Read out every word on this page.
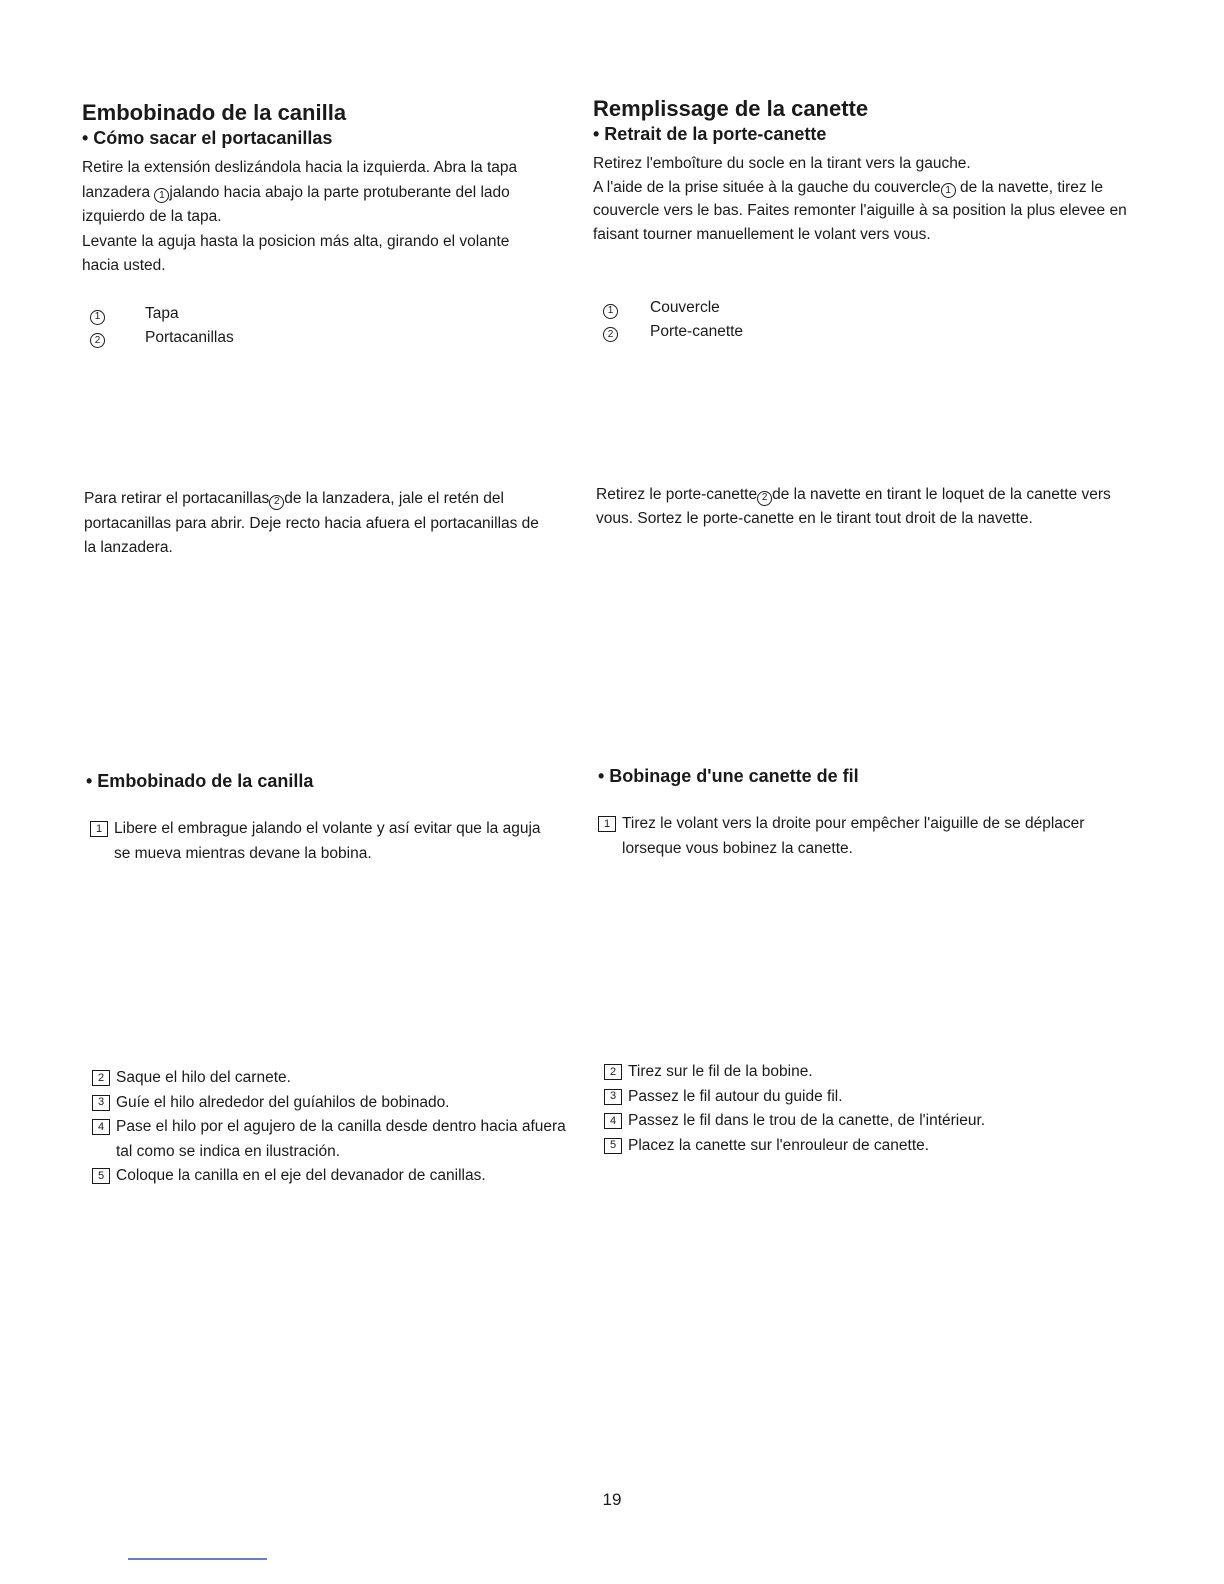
Embobinado de la canilla
• Cómo sacar el portacanillas

Retire la extensión deslizándola hacia la izquierda. Abra la tapa lanzadera 1 jalando hacia abajo la parte protuberante del lado izquierdo de la tapa.

Levante la aguja hasta la posicion más alta, girando el volante hacia usted.

1	Tapa
2	Portacanillas

Para retirar el portacanillas 2 de la lanzadera, jale el retén del portacanillas para abrir. Deje recto hacia afuera el portacanillas de la lanzadera.

• Embobinado de la canilla
1 Libere el embrague jalando el volante y así evitar que la aguja se mueva mientras devane la bobina.
2 Saque el hilo del carnete.
3 Guíe el hilo alrededor del guíahilos de bobinado.
4 Pase el hilo por el agujero de la canilla desde dentro hacia afuera tal como se indica en ilustración.
5 Coloque la canilla en el eje del devanador de canillas.
Remplissage de la canette
• Retrait de la porte-canette

Retirez l'emboîture du socle en la tirant vers la gauche.

A l'aide de la prise située à la gauche du couvercle 1 de la navette, tirez le couvercle vers le bas. Faites remonter l'aiguille à sa position la plus elevee en faisant tourner manuellement le volant vers vous.

1	Couvercle
2	Porte-canette

Retirez le porte-canette 2 de la navette en tirant le loquet de la canette vers vous. Sortez le porte-canette en le tirant tout droit de la navette.

• Bobinage d'une canette de fil
1 Tirez le volant vers la droite pour empêcher l'aiguille de se déplacer lorseque vous bobinez la canette.
2 Tirez sur le fil de la bobine.
3 Passez le fil autour du guide fil.
4 Passez le fil dans le trou de la canette, de l'intérieur.
5 Placez la canette sur l'enrouleur de canette.
19
